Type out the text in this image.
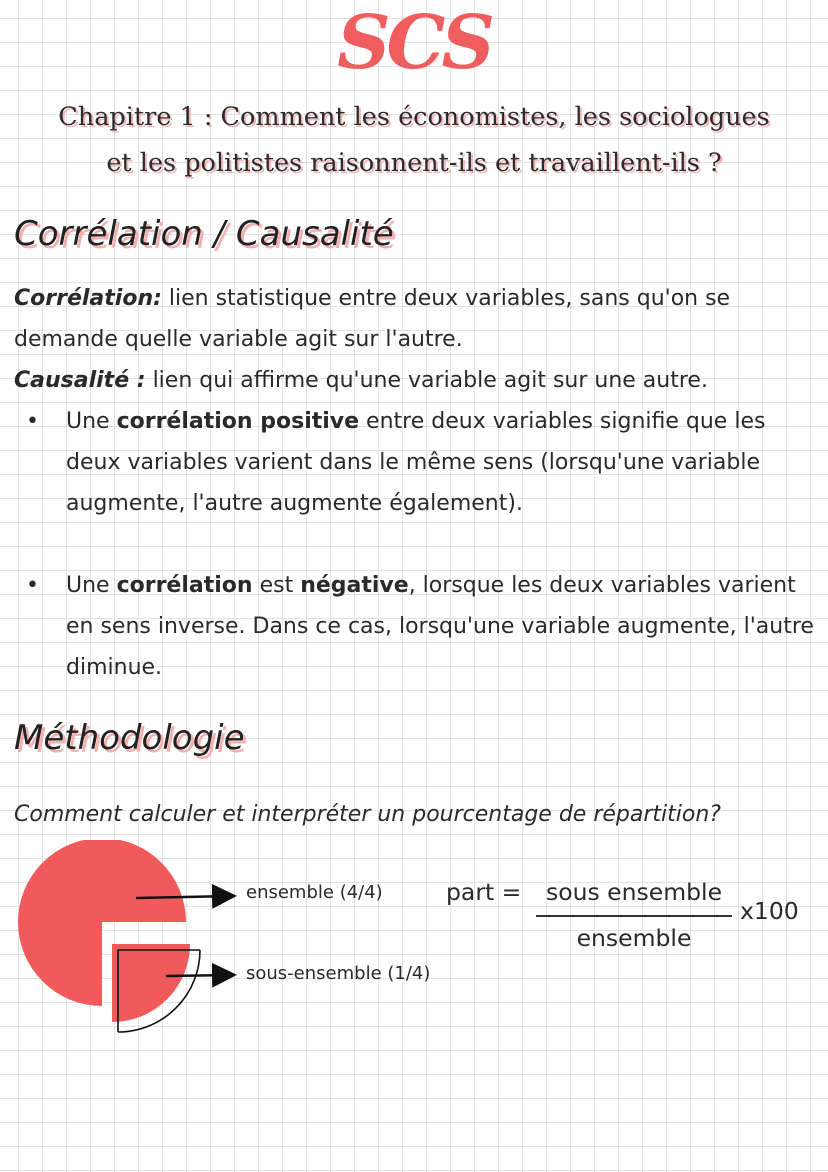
SCS
Chapitre 1 : Comment les économistes, les sociologues
et les politistes raisonnent-ils et travaillent-ils ?
Corrélation / Causalité
Corrélation: lien statistique entre deux variables, sans qu'on se demande quelle variable agit sur l'autre.
Causalité : lien qui affirme qu'une variable agit sur une autre.
•	Une corrélation positive entre deux variables signifie que les deux variables varient dans le même sens (lorsqu'une variable augmente, l'autre augmente également).
•	Une corrélation est négative, lorsque les deux variables varient en sens inverse. Dans ce cas, lorsqu'une variable augmente, l'autre diminue.
Méthodologie
Comment calculer et interpréter un pourcentage de répartition?
ensemble (4/4)
sous-ensemble (1/4)
part =	sous ensemble
ensemble
x100
